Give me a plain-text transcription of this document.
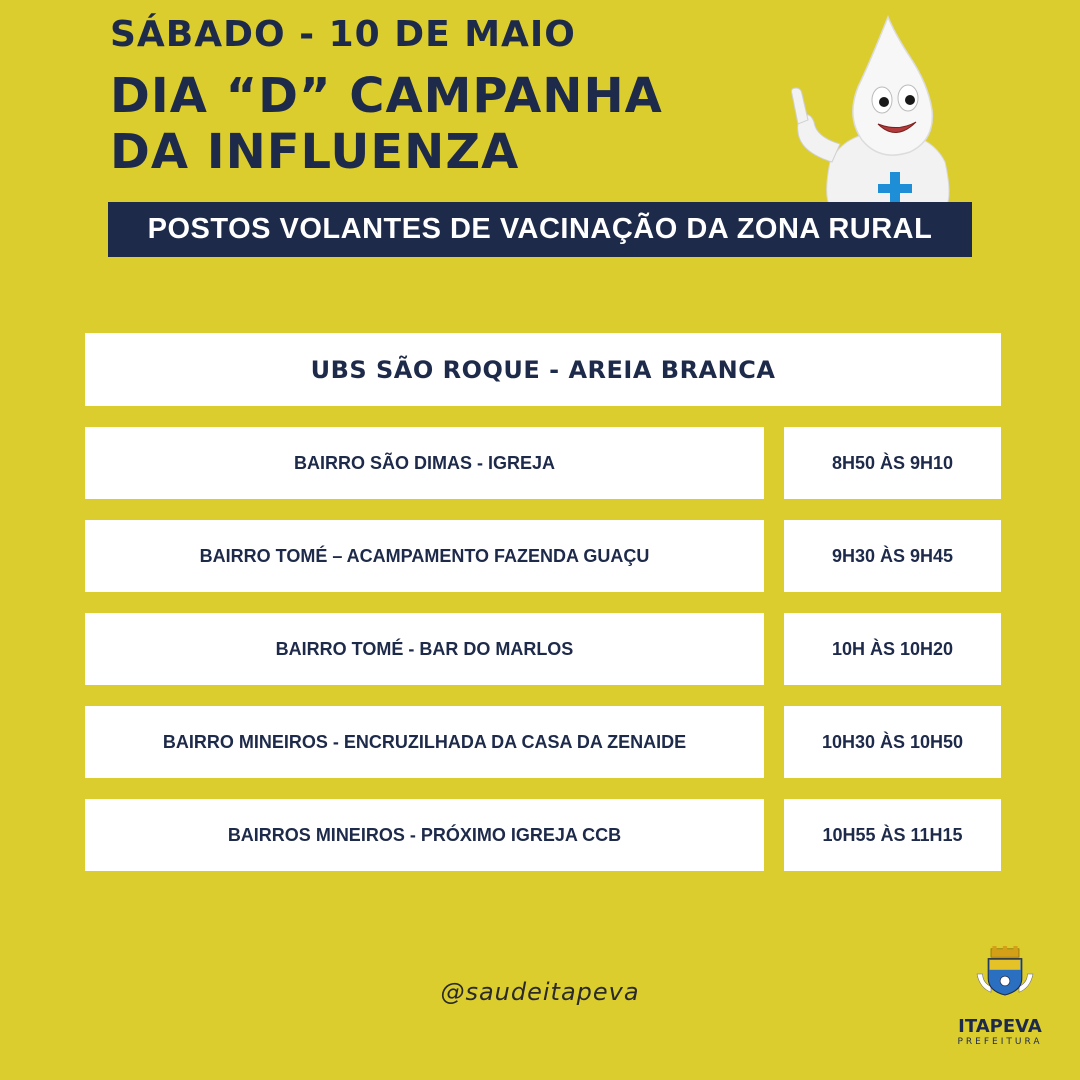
SÁBADO - 10 DE MAIO
DIA “D” CAMPANHA
DA INFLUENZA
POSTOS VOLANTES DE VACINAÇÃO DA ZONA RURAL
UBS SÃO ROQUE - AREIA BRANCA
BAIRRO SÃO DIMAS - IGREJA	8H50 ÀS 9H10
BAIRRO TOMÉ – ACAMPAMENTO FAZENDA GUAÇU	9H30 ÀS 9H45
BAIRRO TOMÉ - BAR DO MARLOS	10H ÀS 10H20
BAIRRO MINEIROS - ENCRUZILHADA DA CASA DA ZENAIDE	10H30 ÀS 10H50
BAIRROS MINEIROS - PRÓXIMO IGREJA CCB	10H55 ÀS 11H15
@saudeitapeva
ITAPEVA
PREFEITURA
